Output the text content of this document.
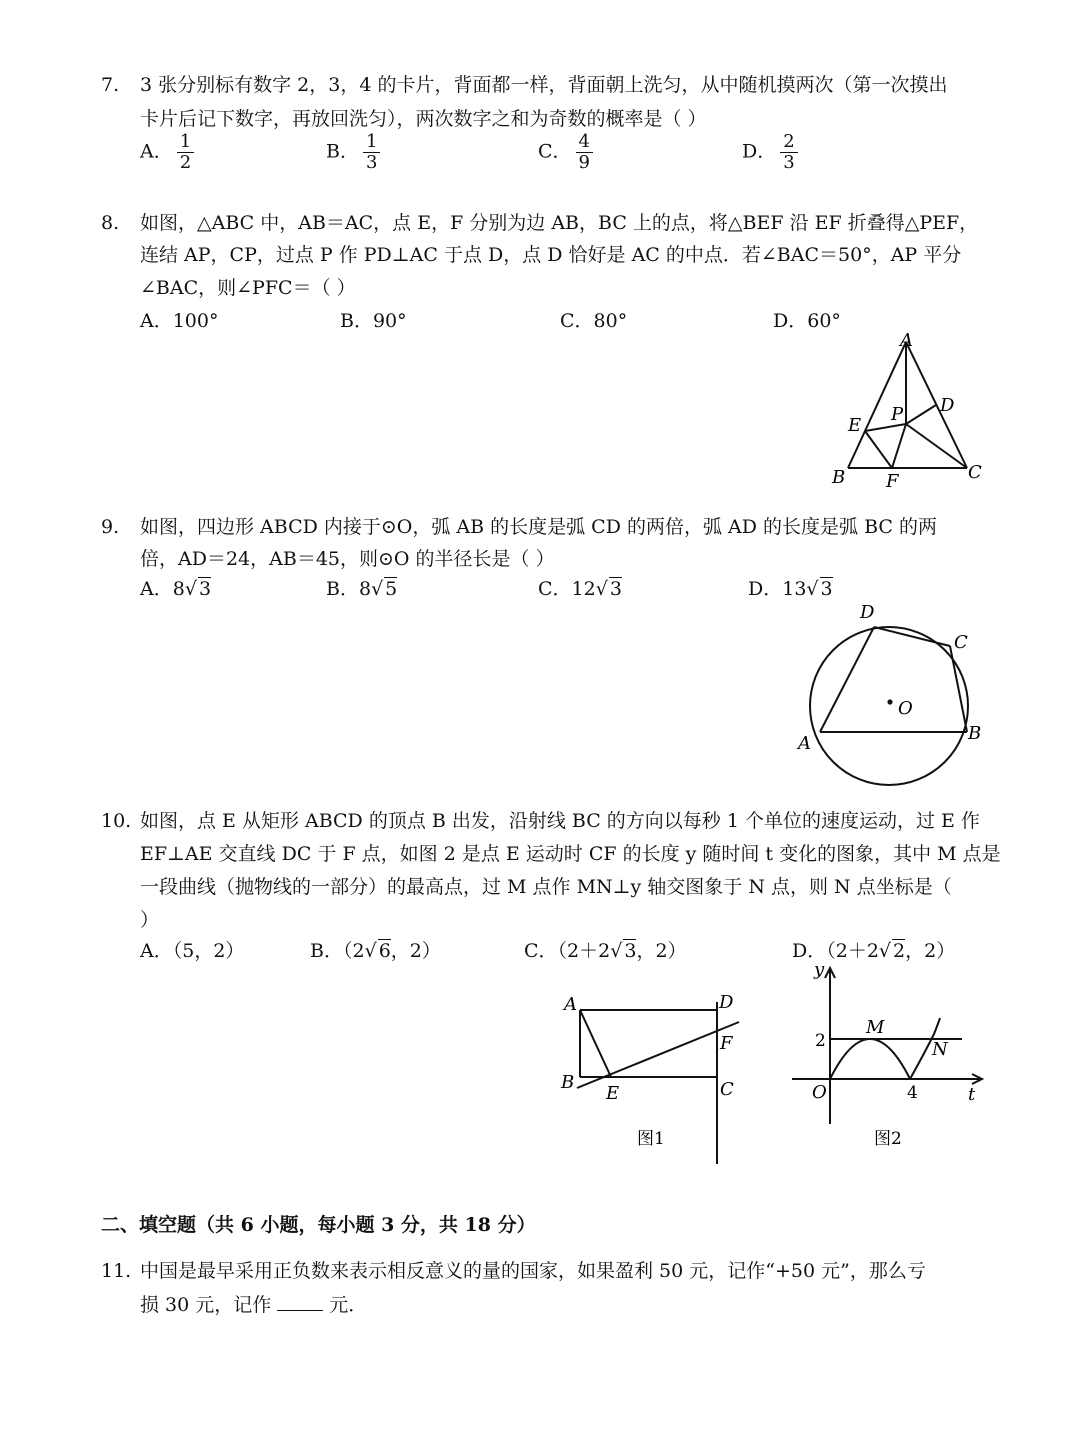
7. 3 张分别标有数字 2，3，4 的卡片，背面都一样，背面朝上洗匀，从中随机摸两次（第一次摸出
卡片后记下数字，再放回洗匀），两次数字之和为奇数的概率是（ ）
A． $\frac{1}{2}$	B． $\frac{1}{3}$	C． $\frac{4}{9}$	D． $\frac{2}{3}$
8. 如图，△ABC 中，AB＝AC，点 E，F 分别为边 AB，BC 上的点，将△BEF 沿 EF 折叠得△PEF，
连结 AP，CP，过点 P 作 PD⊥AC 于点 D，点 D 恰好是 AC 的中点．若∠BAC＝50°，AP 平分
∠BAC，则∠PFC＝（ ）
A．100°	B．90°	C．80°	D．60°
A
B	C
D
E
F
P
9. 如图，四边形 ABCD 内接于⊙O，弧 AB 的长度是弧 CD 的两倍，弧 AD 的长度是弧 BC 的两
倍，AD＝24，AB＝45，则⊙O 的半径长是（ ）
A．8√ 3	B．8√ 5	C．12√ 3	D．13√ 3
O
A	B
C
D
10. 如图，点 E 从矩形 ABCD 的顶点 B 出发，沿射线 BC 的方向以每秒 1 个单位的速度运动，过 E 作
EF⊥AE 交直线 DC 于 F 点，如图 2 是点 E 运动时 CF 的长度 y 随时间 t 变化的图象，其中 M 点是
一段曲线（抛物线的一部分）的最高点，过 M 点作 MN⊥y 轴交图象于 N 点，则 N 点坐标是（
）
A．（5，2）	B．（2√ 6，2）	C．（2＋2√ 3，2）	D．（2＋2√ 2，2）
A
B	C
D
E
F
图1
y
t
O
M
N
2
4
图2
二、填空题（共 6 小题，每小题 3 分，共 18 分）
11. 中国是最早采用正负数来表示相反意义的量的国家，如果盈利 50 元，记作“+50 元”，那么亏
损 30 元，记作	元．
